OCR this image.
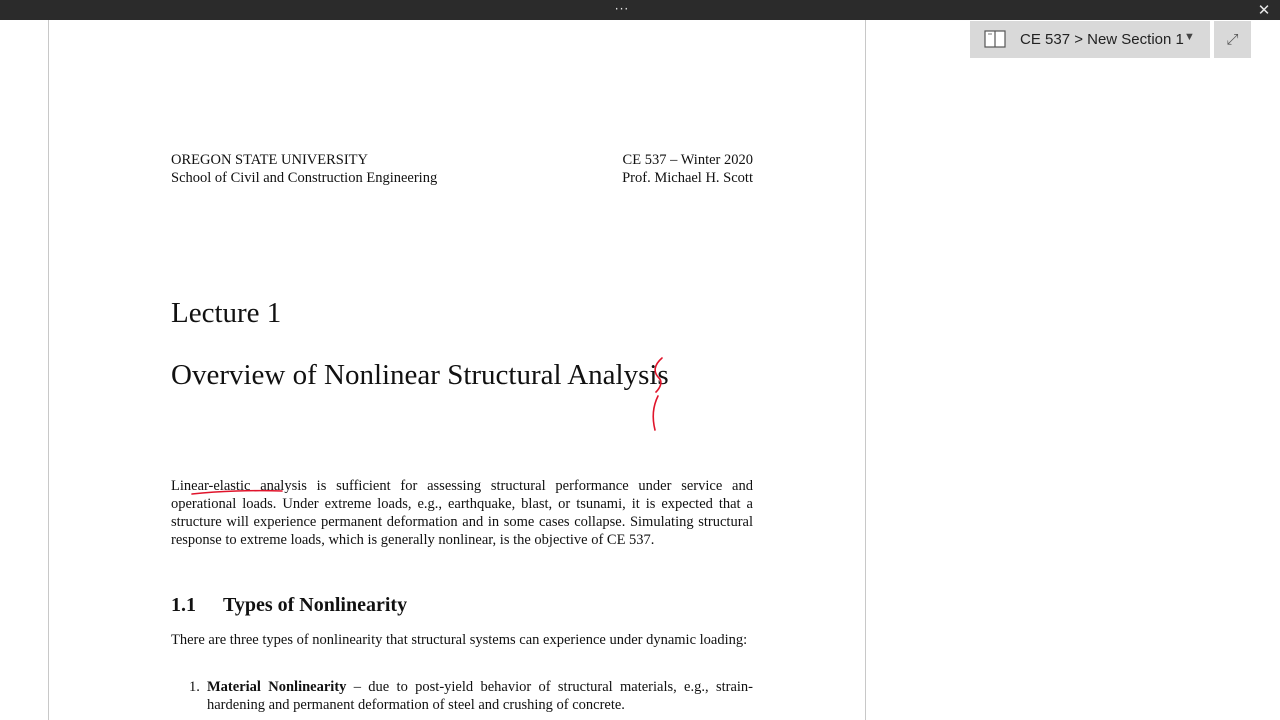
···	✕
OREGON STATE UNIVERSITY
School of Civil and Construction Engineering
CE 537 – Winter 2020
Prof. Michael H. Scott
Lecture 1
Overview of Nonlinear Structural Analysis
Linear-elastic analysis is sufficient for assessing structural performance under service and operational loads. Under extreme loads, e.g., earthquake, blast, or tsunami, it is expected that a structure will experience permanent deformation and in some cases collapse. Simulating structural response to extreme loads, which is generally nonlinear, is the objective of CE 537.
1.1 Types of Nonlinearity
There are three types of nonlinearity that structural systems can experience under dynamic loading:
1. Material Nonlinearity – due to post-yield behavior of structural materials, e.g., strain-hardening and permanent deformation of steel and crushing of concrete.
CE 537 > New Section 1 ▼	⤢
